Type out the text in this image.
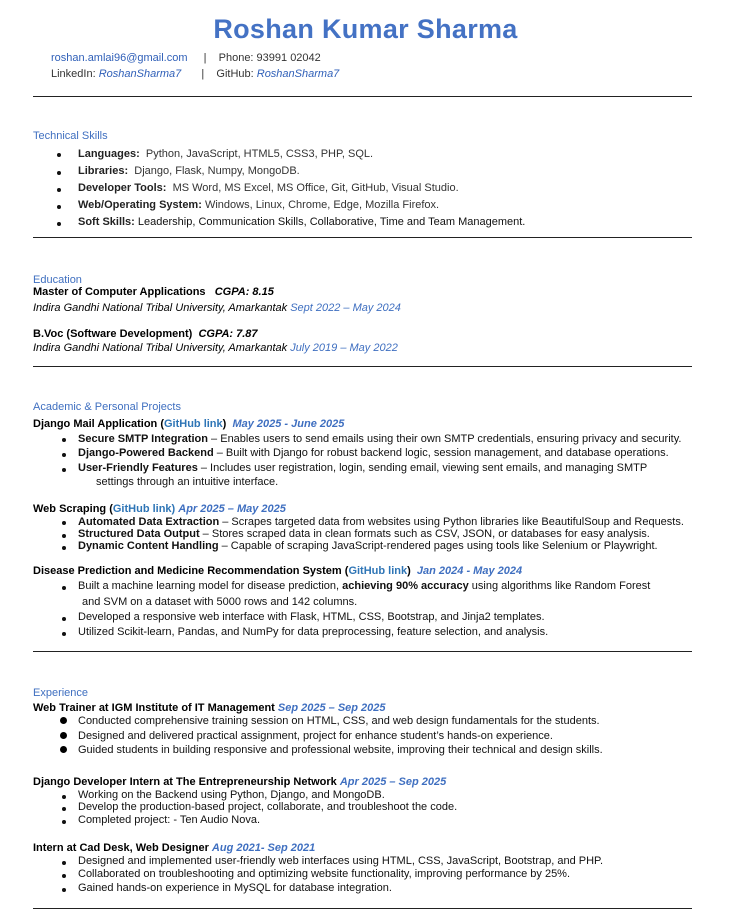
Roshan Kumar Sharma
roshan.amlai96@gmail.com | Phone: 93991 02042
LinkedIn: RoshanSharma7 | GitHub: RoshanSharma7
Technical Skills
Languages: Python, JavaScript, HTML5, CSS3, PHP, SQL.
Libraries: Django, Flask, Numpy, MongoDB.
Developer Tools: MS Word, MS Excel, MS Office, Git, GitHub, Visual Studio.
Web/Operating System: Windows, Linux, Chrome, Edge, Mozilla Firefox.
Soft Skills: Leadership, Communication Skills, Collaborative, Time and Team Management.
Education
Master of Computer Applications CGPA: 8.15
Indira Gandhi National Tribal University, Amarkantak Sept 2022 – May 2024
B.Voc (Software Development) CGPA: 7.87
Indira Gandhi National Tribal University, Amarkantak July 2019 – May 2022
Academic & Personal Projects
Django Mail Application (GitHub link) May 2025 - June 2025
Secure SMTP Integration – Enables users to send emails using their own SMTP credentials, ensuring privacy and security.
Django-Powered Backend – Built with Django for robust backend logic, session management, and database operations.
User-Friendly Features – Includes user registration, login, sending email, viewing sent emails, and managing SMTP
settings through an intuitive interface.
Web Scraping (GitHub link) Apr 2025 – May 2025
Automated Data Extraction – Scrapes targeted data from websites using Python libraries like BeautifulSoup and Requests.
Structured Data Output – Stores scraped data in clean formats such as CSV, JSON, or databases for easy analysis.
Dynamic Content Handling – Capable of scraping JavaScript-rendered pages using tools like Selenium or Playwright.
Disease Prediction and Medicine Recommendation System (GitHub link) Jan 2024 - May 2024
Built a machine learning model for disease prediction, achieving 90% accuracy using algorithms like Random Forest
and SVM on a dataset with 5000 rows and 142 columns.
Developed a responsive web interface with Flask, HTML, CSS, Bootstrap, and Jinja2 templates.
Utilized Scikit-learn, Pandas, and NumPy for data preprocessing, feature selection, and analysis.
Experience
Web Trainer at IGM Institute of IT Management Sep 2025 – Sep 2025
Conducted comprehensive training session on HTML, CSS, and web design fundamentals for the students.
Designed and delivered practical assignment, project for enhance student’s hands-on experience.
Guided students in building responsive and professional website, improving their technical and design skills.
Django Developer Intern at The Entrepreneurship Network Apr 2025 – Sep 2025
Working on the Backend using Python, Django, and MongoDB.
Develop the production-based project, collaborate, and troubleshoot the code.
Completed project: - Ten Audio Nova.
Intern at Cad Desk, Web Designer Aug 2021- Sep 2021
Designed and implemented user-friendly web interfaces using HTML, CSS, JavaScript, Bootstrap, and PHP.
Collaborated on troubleshooting and optimizing website functionality, improving performance by 25%.
Gained hands-on experience in MySQL for database integration.
